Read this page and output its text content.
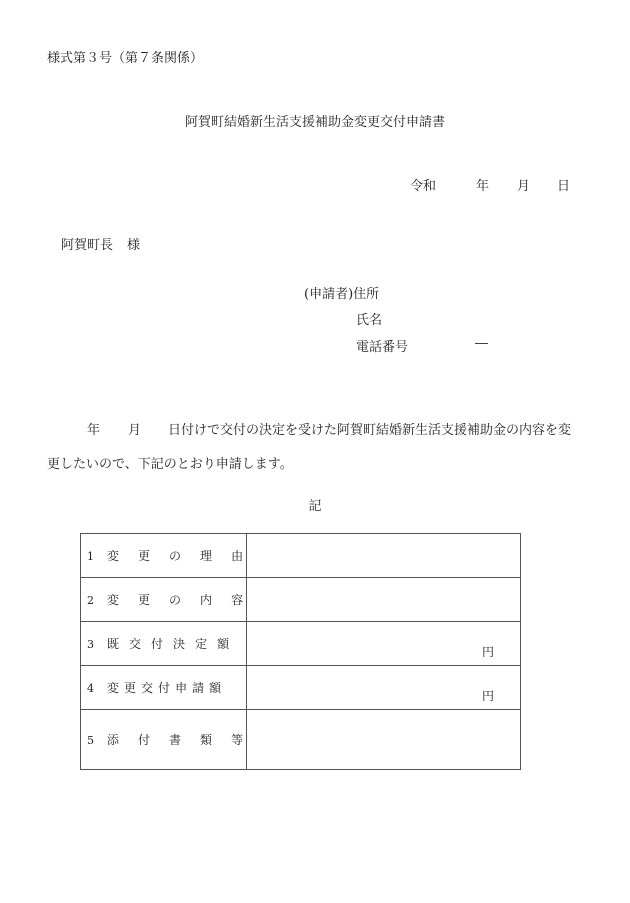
様式第３号（第７条関係）
阿賀町結婚新生活支援補助金変更交付申請書
令和	年 月 日
阿賀町長 様
(申請者)住所
氏名
電話番号	―
年 月 日付けで交付の決定を受けた阿賀町結婚新生活支援補助金の内容を変
更したいので、下記のとおり申請します。
記
1 変 更 の 理 由	
2 変 更 の 内 容	
3 既 交 付 決 定 額	円

4 変 更 交 付 申 請 額	円

5 添 付 書 類 等	
